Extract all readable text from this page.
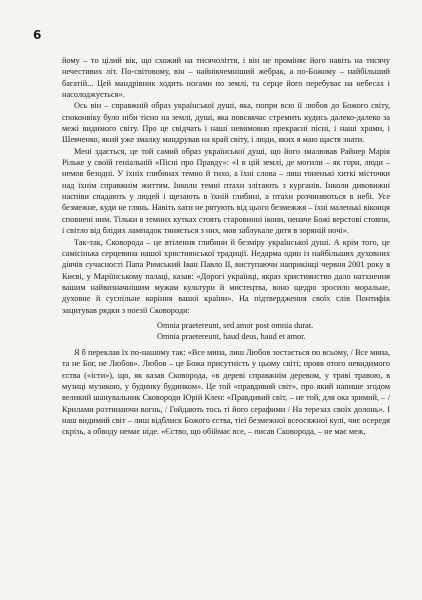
6

йому – то цілий вік, що схожий на тисячоліття, і він не проміняє його навіть на тисячу нечестивих літ. По-світовому, він – найнікчемніший жебрак, а по-Божому – найбільший багатій... Цей мандрівник ходить ногами по землі, та серце його перебуває на небесах і насолоджується».

Ось він – справжній образ української душі, яка, попри всю її любов до Божого світу, споконвіку було ніби тісно на землі, душі, яка повсякчас стремить кудись далеко-далеко за межі видимого світу. Про це свідчать і наші невимовно прекрасні пісні, і наші храми, і Шевченко, який уже змалку мандрував на край світу, і люди, яких я маю щастя знати.

Мені здається, це той самий образ української душі, що його змалював Райнер Марія Рільке у своїй геніальній «Пісні про Правду»: «І в цій землі, де могили – як гори, люди – немов безодні. У їхніх глибинах темно й тихо, а їхні слова – лиш тоненькі хиткі місточки над їхнім справжнім життям. Інколи темні птахи злітають з курганів. Інколи дивовижні наспіви спадають у людей і щезають в їхній глибині, а птахи розчиняються в небі. Усе безмежне, куди не глянь. Навіть хати не рятують від цього безмежжя – їхні маленькі віконця сповнені ним. Тільки в темних кутках стоять старовинні ікони, неначе Божі верстові стовпи, і світло від блідих лампадок тиняється з них, мов заблукале дитя в зоряній ночі».

Так-так, Сковорода – це втілення глибини й безміру української душі. А крім того, це самісінька серцевина нашої християнської традиції. Недарма один із найбільших духовних діячів сучасності Папа Римський Іван Павло ІІ, виступаючи наприкінці червня 2001 року в Києві, у Маріїнському палаці, казав: «Дорогі українці, якраз християнство дало натхнення вашим найвизначнішим мужам культури й мистецтва, воно щедро зросило моральне, духовне й суспільне коріння вашої країни». На підтвердження своїх слів Понтифік зацитував рядки з поезії Сковороди:

Omnia praetereunt, sed amor post omnia durat.
Omnia praetereunt, haud deus, haud et amor.

Я б переклав їх по-нашому так: «Все мина, лиш Любов зостається по всьому, / Все мина, та не Бог, не Любов». Любов – це Божа присутність у цьому світі; прояв отого невидимого єства («істи»), що, як казав Сковорода, «в деревi справжнім деревом, у травi травою, в музиці музикою, у будинку будинком». Це той «правдивий світ», про який напише згодом великий шанувальник Сковороди Юрій Клен: «Правдивий світ, – не той, для ока зримий, – / Крилами розтинаючи вогнь, / Гойдають тось ті його серафими / На терезах своїх долонь». І наш видимий світ – лиш відблиск Божого єства, тієї безмежної всеосяжної кулі, чиє осередя скрізь, а обводу немає ніде. «Єство, що обіймає все, – писав Сковорода, – не має меж,
